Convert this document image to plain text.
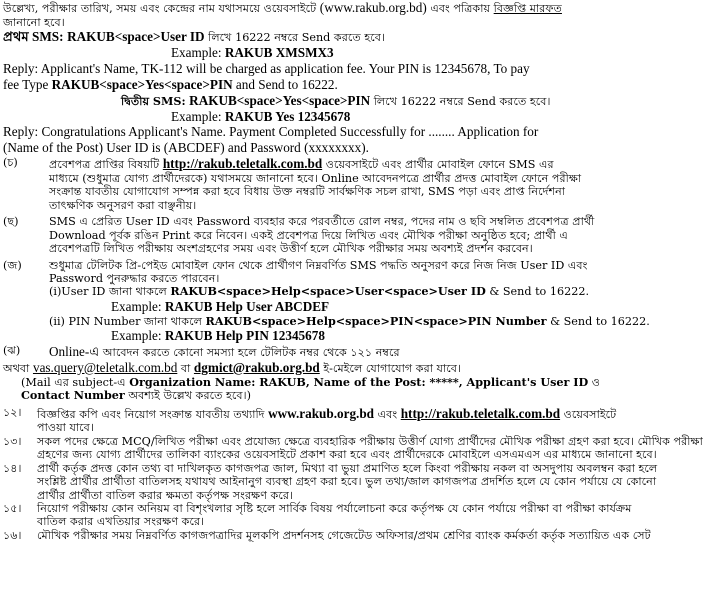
উল্লেখ্য, পরীক্ষার তারিখ, সময় এবং কেন্দ্রের নাম যথাসময়ে ওয়েবসাইটে (www.rakub.org.bd) এবং পত্রিকায় বিজ্ঞপ্তি মারফত
জানানো হবে।
প্রথম SMS: RAKUB<space>User ID লিখে 16222 নম্বরে Send করতে হবে।
Example: RAKUB XMSMX3
Reply: Applicant's Name, TK-112 will be charged as application fee. Your PIN is 12345678, To pay
fee Type RAKUB<space>Yes<space>PIN and Send to 16222.
দ্বিতীয় SMS: RAKUB<space>Yes<space>PIN লিখে 16222 নম্বরে Send করতে হবে।
Example: RAKUB Yes 12345678
Reply: Congratulations Applicant's Name. Payment Completed Successfully for ........ Application for
(Name of the Post) User ID is (ABCDEF) and Password (xxxxxxxx).
(চ)	প্রবেশপত্র প্রাপ্তির বিষয়টি http://rakub.teletalk.com.bd ওয়েবসাইটে এবং প্রার্থীর মোবাইল ফোনে SMS এর
মাধ্যমে (শুধুমাত্র যোগ্য প্রার্থীদেরকে) যথাসময়ে জানানো হবে। Online আবেদনপত্রে প্রার্থীর প্রদত্ত মোবাইল ফোনে পরীক্ষা
সংক্রান্ত যাবতীয় যোগাযোগ সম্পন্ন করা হবে বিধায় উক্ত নম্বরটি সার্বক্ষণিক সচল রাখা, SMS পড়া এবং প্রাপ্ত নির্দেশনা
তাৎক্ষণিক অনুসরণ করা বাঞ্ছনীয়।
(ছ)	SMS এ প্রেরিত User ID এবং Password ব্যবহার করে পরবর্তীতে রোল নম্বর, পদের নাম ও ছবি সম্বলিত প্রবেশপত্র প্রার্থী
Download পূর্বক রঙিন Print করে নিবেন। একই প্রবেশপত্র দিয়ে লিখিত এবং মৌখিক পরীক্ষা অনুষ্ঠিত হবে; প্রার্থী এ
প্রবেশপত্রটি লিখিত পরীক্ষায় অংশগ্রহণের সময় এবং উত্তীর্ণ হলে মৌখিক পরীক্ষার সময় অবশ্যই প্রদর্শন করবেন।
(জ)	শুধুমাত্র টেলিটক প্রি-পেইড মোবাইল ফোন থেকে প্রার্থীগণ নিম্নবর্ণিত SMS পদ্ধতি অনুসরণ করে নিজ নিজ User ID এবং
Password পুনরুদ্ধার করতে পারবেন।
(i)User ID জানা থাকলে RAKUB<space>Help<space>User<space>User ID & Send to 16222.
Example: RAKUB Help User ABCDEF
(ii) PIN Number জানা থাকলে RAKUB<space>Help<space>PIN<space>PIN Number & Send to 16222.
Example: RAKUB Help PIN 12345678
(ঝ)	Online-এ আবেদন করতে কোনো সমস্যা হলে টেলিটক নম্বর থেকে ১২১ নম্বরে
অথবা vas.query@teletalk.com.bd বা dgmict@rakub.org.bd ই-মেইলে যোগাযোগ করা যাবে।
(Mail এর subject-এ Organization Name: RAKUB, Name of the Post: *****, Applicant's User ID ও
Contact Number অবশ্যই উল্লেখ করতে হবে।)
১২।	বিজ্ঞপ্তির কপি এবং নিয়োগ সংক্রান্ত যাবতীয় তথ্যাদি www.rakub.org.bd এবং http://rakub.teletalk.com.bd ওয়েবসাইটে
পাওয়া যাবে।
১৩।	সকল পদের ক্ষেত্রে MCQ/লিখিত পরীক্ষা এবং প্রযোজ্য ক্ষেত্রে ব্যবহারিক পরীক্ষায় উত্তীর্ণ যোগ্য প্রার্থীদের মৌখিক পরীক্ষা গ্রহণ করা হবে। মৌখিক পরীক্ষা
গ্রহণের জন্য যোগ্য প্রার্থীদের তালিকা ব্যাংকের ওয়েবসাইটে প্রকাশ করা হবে এবং প্রার্থীদেরকে মোবাইলে এসএমএস এর মাধ্যমে জানানো হবে।
১৪।	প্রার্থী কর্তৃক প্রদত্ত কোন তথ্য বা দাখিলকৃত কাগজপত্র জাল, মিথ্যা বা ভুয়া প্রমাণিত হলে কিংবা পরীক্ষায় নকল বা অসদুপায় অবলম্বন করা হলে
সংশ্লিষ্ট প্রার্থীর প্রার্থীতা বাতিলসহ যথাযথ আইনানুগ ব্যবস্থা গ্রহণ করা হবে। ভুল তথ্য/জাল কাগজপত্র প্রদর্শিত হলে যে কোন পর্যায়ে যে কোনো
প্রার্থীর প্রার্থীতা বাতিল করার ক্ষমতা কর্তৃপক্ষ সংরক্ষণ করে।
১৫।	নিয়োগ পরীক্ষায় কোন অনিয়ম বা বিশৃংখলার সৃষ্টি হলে সার্বিক বিষয় পর্যালোচনা করে কর্তৃপক্ষ যে কোন পর্যায়ে পরীক্ষা বা পরীক্ষা কার্যক্রম
বাতিল করার এখতিয়ার সংরক্ষণ করে।
১৬।	মৌখিক পরীক্ষার সময় নিম্নবর্ণিত কাগজপত্রাদির মূলকপি প্রদর্শনসহ গেজেটেড অফিসার/প্রথম শ্রেণির ব্যাংক কর্মকর্তা কর্তৃক সত্যায়িত এক সেট
